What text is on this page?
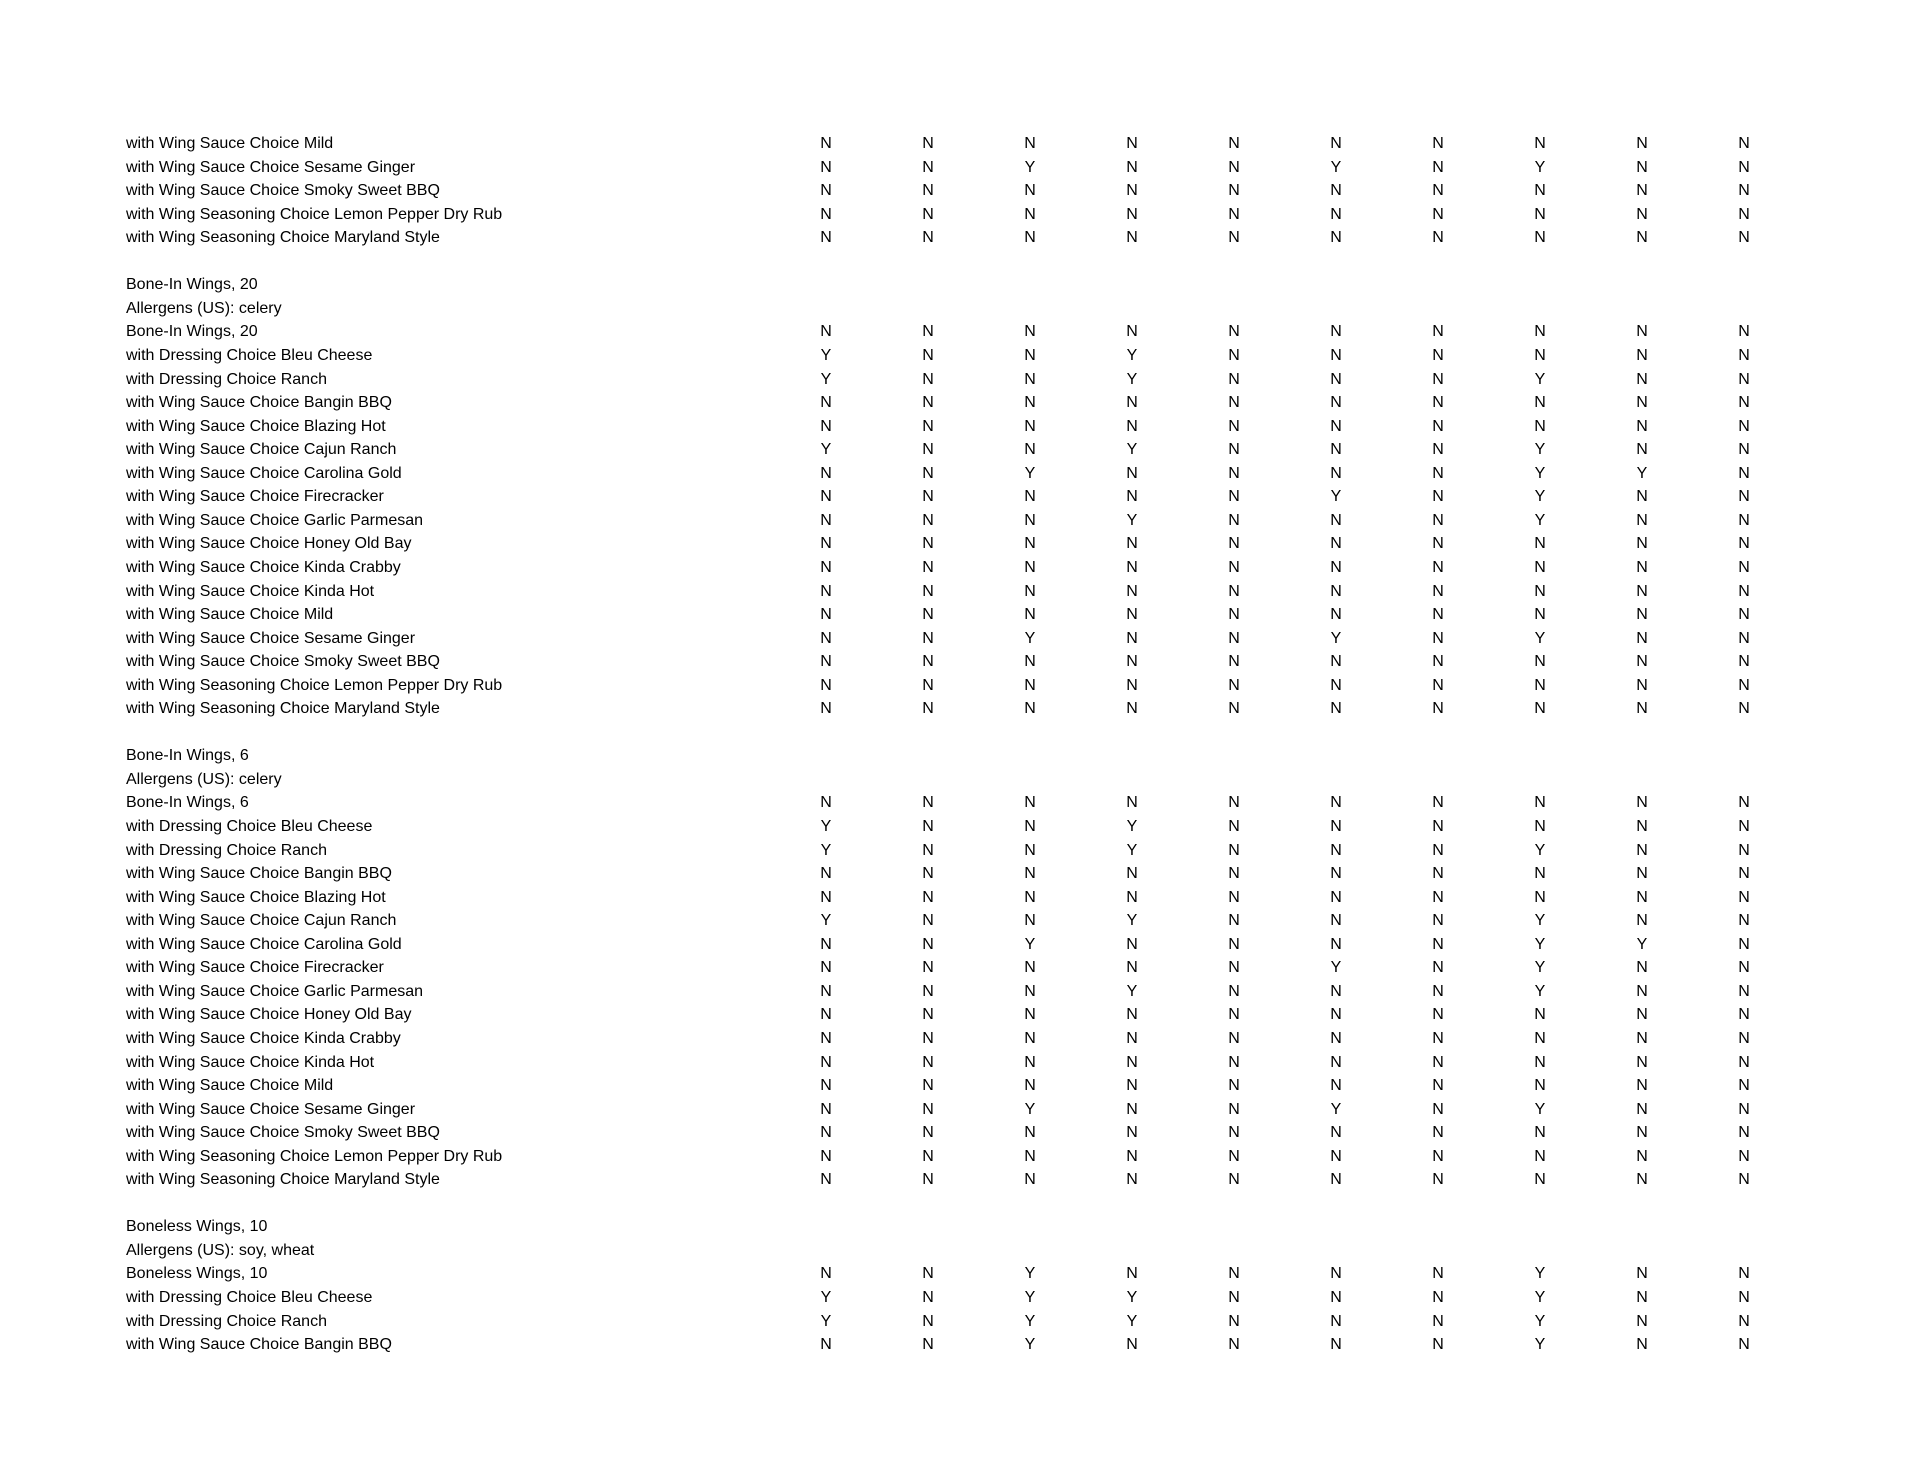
with Wing Sauce Choice Mild	N	N	N	N	N	N	N	N	N	N
with Wing Sauce Choice Sesame Ginger	N	N	Y	N	N	Y	N	Y	N	N
with Wing Sauce Choice Smoky Sweet BBQ	N	N	N	N	N	N	N	N	N	N
with Wing Seasoning Choice Lemon Pepper Dry Rub	N	N	N	N	N	N	N	N	N	N
with Wing Seasoning Choice Maryland Style	N	N	N	N	N	N	N	N	N	N
Bone-In Wings, 20
Allergens (US): celery
Bone-In Wings, 20	N	N	N	N	N	N	N	N	N	N
with Dressing Choice Bleu Cheese	Y	N	N	Y	N	N	N	N	N	N
with Dressing Choice Ranch	Y	N	N	Y	N	N	N	Y	N	N
with Wing Sauce Choice Bangin BBQ	N	N	N	N	N	N	N	N	N	N
with Wing Sauce Choice Blazing Hot	N	N	N	N	N	N	N	N	N	N
with Wing Sauce Choice Cajun Ranch	Y	N	N	Y	N	N	N	Y	N	N
with Wing Sauce Choice Carolina Gold	N	N	Y	N	N	N	N	Y	Y	N
with Wing Sauce Choice Firecracker	N	N	N	N	N	Y	N	Y	N	N
with Wing Sauce Choice Garlic Parmesan	N	N	N	Y	N	N	N	Y	N	N
with Wing Sauce Choice Honey Old Bay	N	N	N	N	N	N	N	N	N	N
with Wing Sauce Choice Kinda Crabby	N	N	N	N	N	N	N	N	N	N
with Wing Sauce Choice Kinda Hot	N	N	N	N	N	N	N	N	N	N
with Wing Sauce Choice Mild	N	N	N	N	N	N	N	N	N	N
with Wing Sauce Choice Sesame Ginger	N	N	Y	N	N	Y	N	Y	N	N
with Wing Sauce Choice Smoky Sweet BBQ	N	N	N	N	N	N	N	N	N	N
with Wing Seasoning Choice Lemon Pepper Dry Rub	N	N	N	N	N	N	N	N	N	N
with Wing Seasoning Choice Maryland Style	N	N	N	N	N	N	N	N	N	N
Bone-In Wings, 6
Allergens (US): celery
Bone-In Wings, 6	N	N	N	N	N	N	N	N	N	N
with Dressing Choice Bleu Cheese	Y	N	N	Y	N	N	N	N	N	N
with Dressing Choice Ranch	Y	N	N	Y	N	N	N	Y	N	N
with Wing Sauce Choice Bangin BBQ	N	N	N	N	N	N	N	N	N	N
with Wing Sauce Choice Blazing Hot	N	N	N	N	N	N	N	N	N	N
with Wing Sauce Choice Cajun Ranch	Y	N	N	Y	N	N	N	Y	N	N
with Wing Sauce Choice Carolina Gold	N	N	Y	N	N	N	N	Y	Y	N
with Wing Sauce Choice Firecracker	N	N	N	N	N	Y	N	Y	N	N
with Wing Sauce Choice Garlic Parmesan	N	N	N	Y	N	N	N	Y	N	N
with Wing Sauce Choice Honey Old Bay	N	N	N	N	N	N	N	N	N	N
with Wing Sauce Choice Kinda Crabby	N	N	N	N	N	N	N	N	N	N
with Wing Sauce Choice Kinda Hot	N	N	N	N	N	N	N	N	N	N
with Wing Sauce Choice Mild	N	N	N	N	N	N	N	N	N	N
with Wing Sauce Choice Sesame Ginger	N	N	Y	N	N	Y	N	Y	N	N
with Wing Sauce Choice Smoky Sweet BBQ	N	N	N	N	N	N	N	N	N	N
with Wing Seasoning Choice Lemon Pepper Dry Rub	N	N	N	N	N	N	N	N	N	N
with Wing Seasoning Choice Maryland Style	N	N	N	N	N	N	N	N	N	N
Boneless Wings, 10
Allergens (US): soy, wheat
Boneless Wings, 10	N	N	Y	N	N	N	N	Y	N	N
with Dressing Choice Bleu Cheese	Y	N	Y	Y	N	N	N	Y	N	N
with Dressing Choice Ranch	Y	N	Y	Y	N	N	N	Y	N	N
with Wing Sauce Choice Bangin BBQ	N	N	Y	N	N	N	N	Y	N	N
